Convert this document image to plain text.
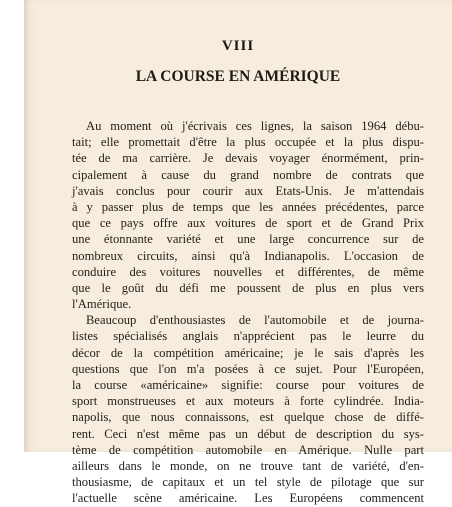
VIII
LA COURSE EN AMÉRIQUE
Au moment où j'écrivais ces lignes, la saison 1964 débu-
tait; elle promettait d'être la plus occupée et la plus dispu-
tée de ma carrière. Je devais voyager énormément, prin-
cipalement à cause du grand nombre de contrats que
j'avais conclus pour courir aux Etats-Unis. Je m'attendais
à y passer plus de temps que les années précédentes, parce
que ce pays offre aux voitures de sport et de Grand Prix
une étonnante variété et une large concurrence sur de
nombreux circuits, ainsi qu'à Indianapolis. L'occasion de
conduire des voitures nouvelles et différentes, de même
que le goût du défi me poussent de plus en plus vers
l'Amérique.
Beaucoup d'enthousiastes de l'automobile et de journa-
listes spécialisés anglais n'apprécient pas le leurre du
décor de la compétition américaine; je le sais d'après les
questions que l'on m'a posées à ce sujet. Pour l'Européen,
la course «américaine» signifie: course pour voitures de
sport monstrueuses et aux moteurs à forte cylindrée. India-
napolis, que nous connaissons, est quelque chose de diffé-
rent. Ceci n'est même pas un début de description du sys-
tème de compétition automobile en Amérique. Nulle part
ailleurs dans le monde, on ne trouve tant de variété, d'en-
thousiasme, de capitaux et un tel style de pilotage que sur
l'actuelle scène américaine. Les Européens commencent
